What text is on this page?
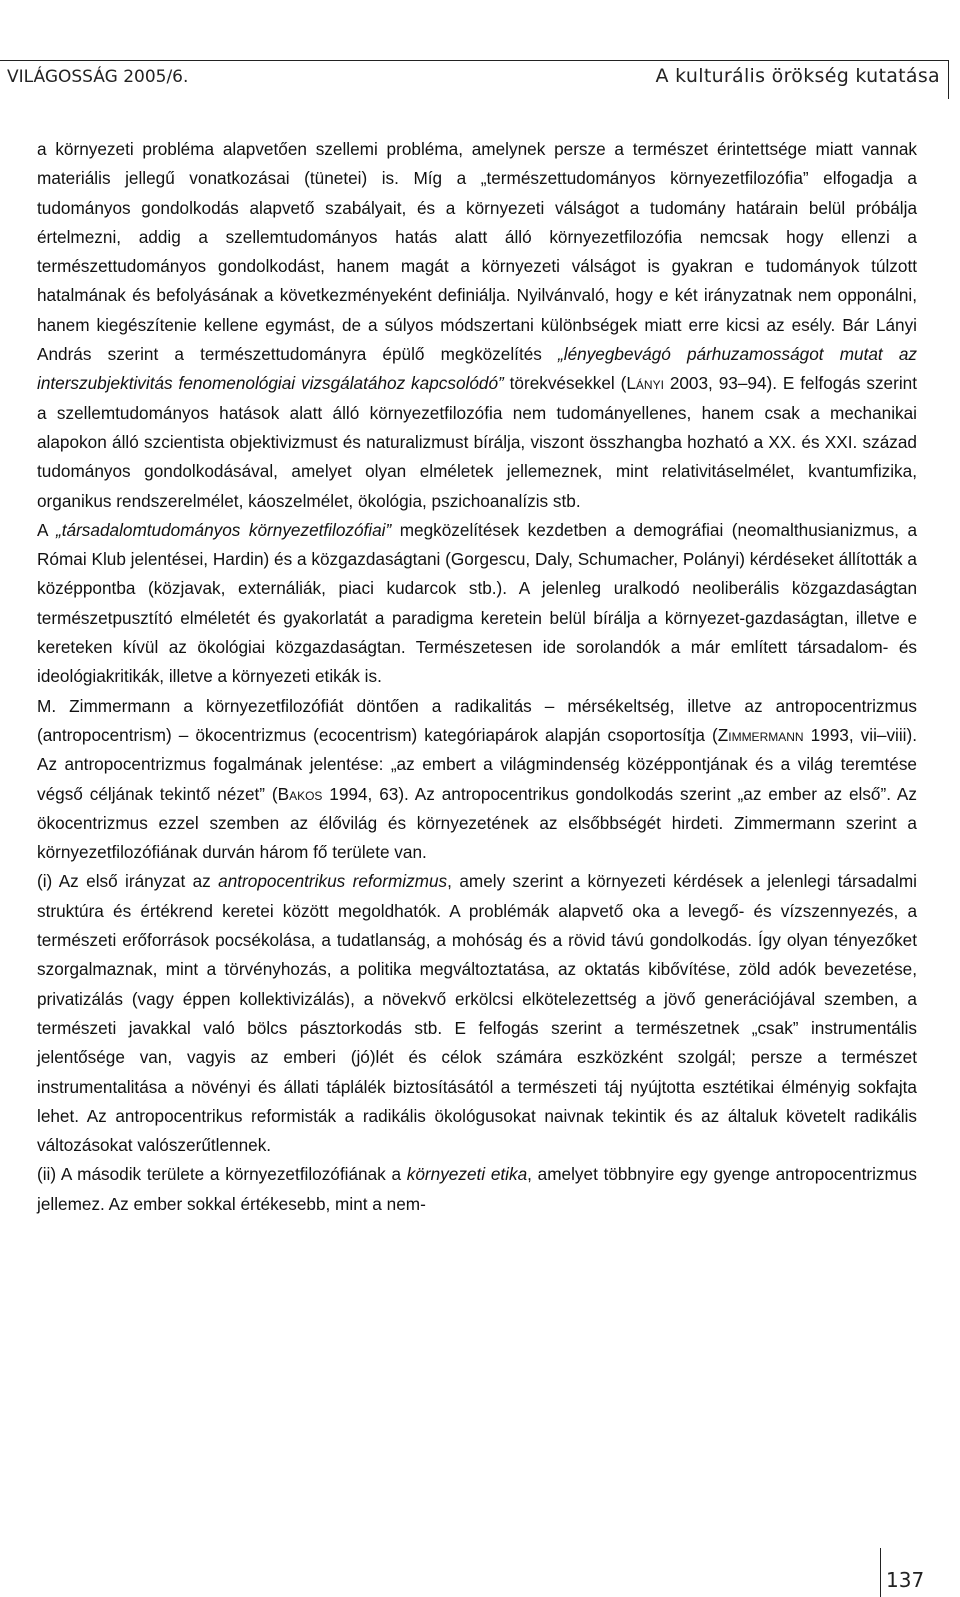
VILÁGOSSÁG 2005/6.	A kulturális örökség kutatása

a környezeti probléma alapvetően szellemi probléma, amelynek persze a természet érintettsége miatt vannak materiális jellegű vonatkozásai (tünetei) is. Míg a „természettudományos környezetfilozófia” elfogadja a tudományos gondolkodás alapvető szabályait, és a környezeti válságot a tudomány határain belül próbálja értelmezni, addig a szellemtudományos hatás alatt álló környezetfilozófia nemcsak hogy ellenzi a természettudományos gondolkodást, hanem magát a környezeti válságot is gyakran e tudományok túlzott hatalmának és befolyásának a következményeként definiálja. Nyilvánvaló, hogy e két irányzatnak nem opponálni, hanem kiegészítenie kellene egymást, de a súlyos módszertani különbségek miatt erre kicsi az esély. Bár Lányi András szerint a természettudományra épülő megközelítés „lényegbevágó párhuzamosságot mutat az interszubjektivitás fenomenológiai vizsgálatához kapcsolódó” törekvésekkel (Lányi 2003, 93–94). E felfogás szerint a szellemtudományos hatások alatt álló környezetfilozófia nem tudományellenes, hanem csak a mechanikai alapokon álló szcientista objektivizmust és naturalizmust bírálja, viszont összhangba hozható a XX. és XXI. század tudományos gondolkodásával, amelyet olyan elméletek jellemeznek, mint relativitáselmélet, kvantumfizika, organikus rendszerelmélet, káoszelmélet, ökológia, pszichoanalízis stb.

A „társadalomtudományos környezetfilozófiai” megközelítések kezdetben a demográfiai (neomalthusianizmus, a Római Klub jelentései, Hardin) és a közgazdaságtani (Gorgescu, Daly, Schumacher, Polányi) kérdéseket állították a középpontba (közjavak, externáliák, piaci kudarcok stb.). A jelenleg uralkodó neoliberális közgazdaságtan természetpusztító elméletét és gyakorlatát a paradigma keretein belül bírálja a környezet-gazdaságtan, illetve e kereteken kívül az ökológiai közgazdaságtan. Természetesen ide sorolandók a már említett társadalom- és ideológiakritikák, illetve a környezeti etikák is.

M. Zimmermann a környezetfilozófiát döntően a radikalitás – mérsékeltség, illetve az antropocentrizmus (antropocentrism) – ökocentrizmus (ecocentrism) kategóriapárok alapján csoportosítja (Zimmermann 1993, vii–viii). Az antropocentrizmus fogalmának jelentése: „az embert a világmindenség középpontjának és a világ teremtése végső céljának tekintő nézet” (Bakos 1994, 63). Az antropocentrikus gondolkodás szerint „az ember az első”. Az ökocentrizmus ezzel szemben az élővilág és környezetének az elsőbbségét hirdeti. Zimmermann szerint a környezetfilozófiának durván három fő területe van.

(i) Az első irányzat az antropocentrikus reformizmus, amely szerint a környezeti kérdések a jelenlegi társadalmi struktúra és értékrend keretei között megoldhatók. A problémák alapvető oka a levegő- és vízszennyezés, a természeti erőforrások pocsékolása, a tudatlanság, a mohóság és a rövid távú gondolkodás. Így olyan tényezőket szorgalmaznak, mint a törvényhozás, a politika megváltoztatása, az oktatás kibővítése, zöld adók bevezetése, privatizálás (vagy éppen kollektivizálás), a növekvő erkölcsi elkötelezettség a jövő generációjával szemben, a természeti javakkal való bölcs pásztorkodás stb. E felfogás szerint a természetnek „csak” instrumentális jelentősége van, vagyis az emberi (jó)lét és célok számára eszközként szolgál; persze a természet instrumentalitása a növényi és állati táplálék biztosításától a természeti táj nyújtotta esztétikai élményig sokfajta lehet. Az antropocentrikus reformisták a radikális ökológusokat naivnak tekintik és az általuk követelt radikális változásokat valószerűtlennek.

(ii) A második területe a környezetfilozófiának a környezeti etika, amelyet többnyire egy gyenge antropocentrizmus jellemez. Az ember sokkal értékesebb, mint a nem-

137
